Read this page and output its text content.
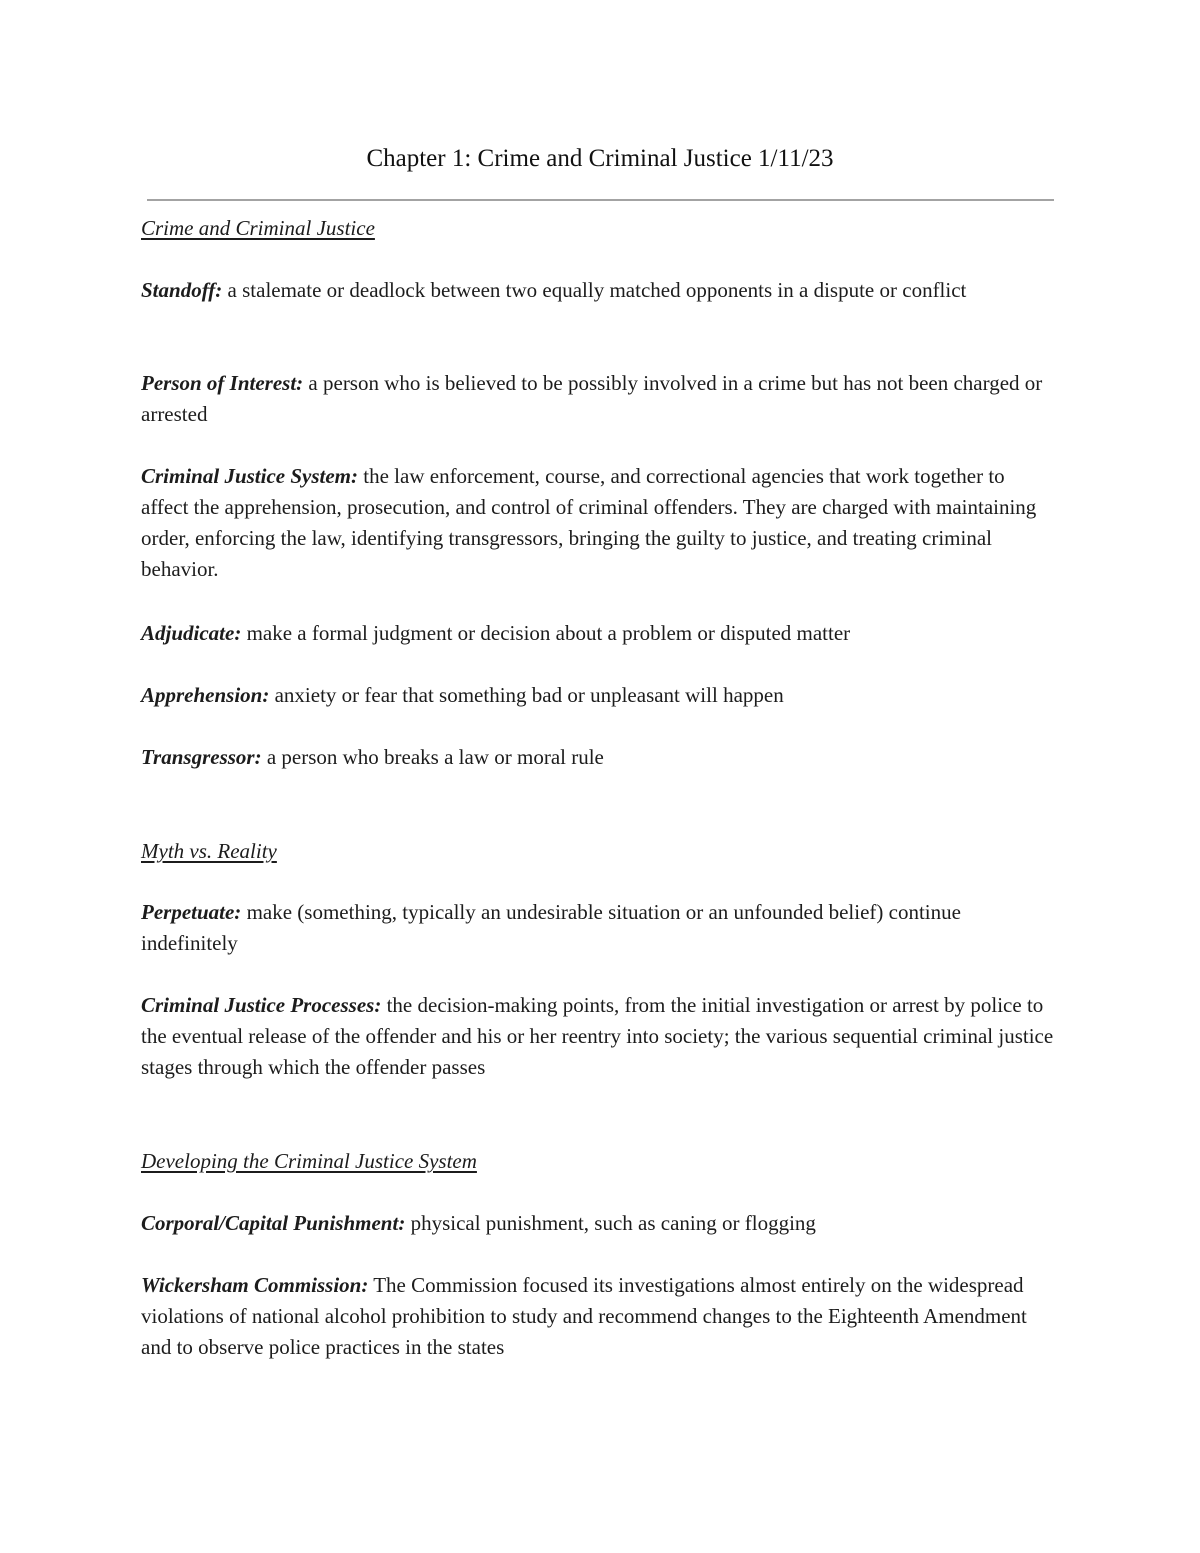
Chapter 1: Crime and Criminal Justice 1/11/23
Crime and Criminal Justice
Standoff: a stalemate or deadlock between two equally matched opponents in a dispute or conflict
Person of Interest: a person who is believed to be possibly involved in a crime but has not been charged or arrested
Criminal Justice System: the law enforcement, course, and correctional agencies that work together to affect the apprehension, prosecution, and control of criminal offenders. They are charged with maintaining order, enforcing the law, identifying transgressors, bringing the guilty to justice, and treating criminal behavior.
Adjudicate: make a formal judgment or decision about a problem or disputed matter
Apprehension: anxiety or fear that something bad or unpleasant will happen
Transgressor: a person who breaks a law or moral rule
Myth vs. Reality
Perpetuate: make (something, typically an undesirable situation or an unfounded belief) continue indefinitely
Criminal Justice Processes: the decision-making points, from the initial investigation or arrest by police to the eventual release of the offender and his or her reentry into society; the various sequential criminal justice stages through which the offender passes
Developing the Criminal Justice System
Corporal/Capital Punishment: physical punishment, such as caning or flogging
Wickersham Commission: The Commission focused its investigations almost entirely on the widespread violations of national alcohol prohibition to study and recommend changes to the Eighteenth Amendment and to observe police practices in the states
